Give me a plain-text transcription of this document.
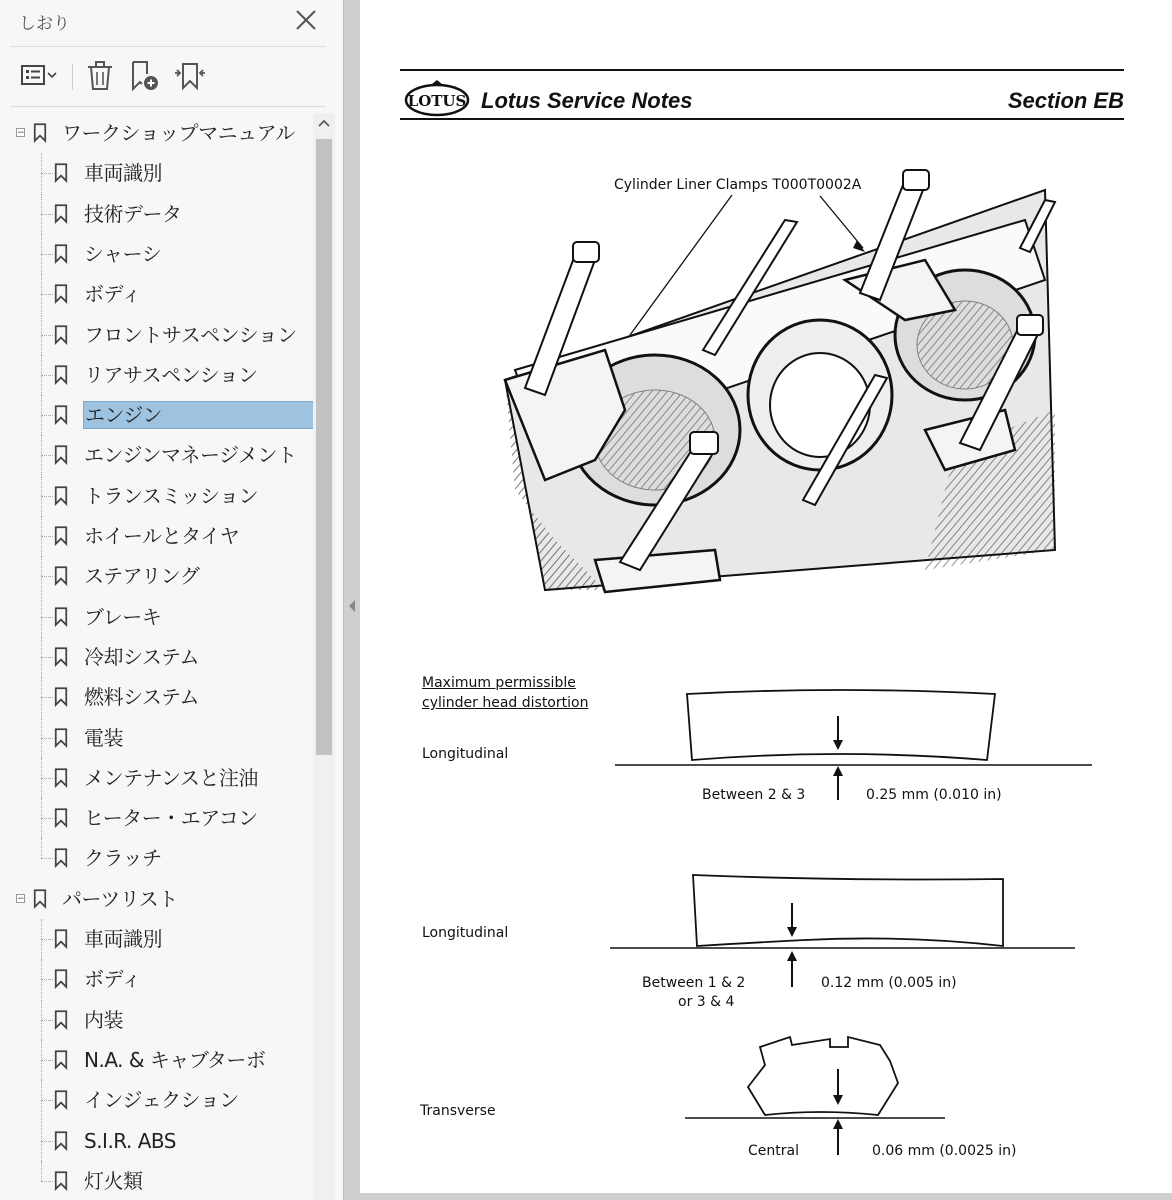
しおり
− ワークショップマニュアル
車両識別
技術データ
シャーシ
ボディ
フロントサスペンション
リアサスペンション
エンジン
エンジンマネージメント
トランスミッション
ホイールとタイヤ
ステアリング
ブレーキ
冷却システム
燃料システム
電装
メンテナンスと注油
ヒーター・エアコン
クラッチ
− パーツリスト
車両識別
ボディ
内装
N.A. & キャブターボ
インジェクション
S.I.R. ABS
灯火類
LOTUS Lotus Service Notes	Section EB
Cylinder Liner Clamps T000T0002A
Maximum permissible
cylinder head distortion
Longitudinal
Between 2 & 3	0.25 mm (0.010 in)
Longitudinal
Between 1 & 2
or 3 & 4
0.12 mm (0.005 in)
Transverse
Central	0.06 mm (0.0025 in)
